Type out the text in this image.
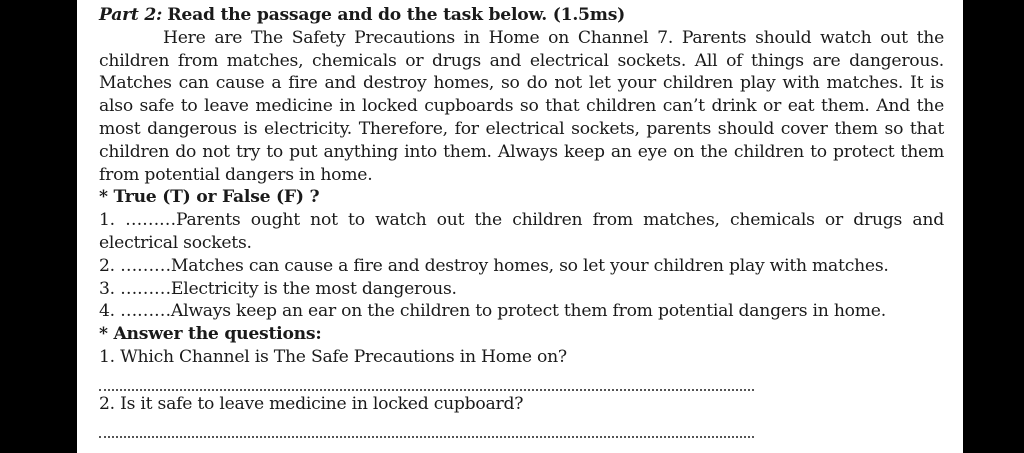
Part 2: Read the passage and do the task below. (1.5ms)

Here are The Safety Precautions in Home on Channel 7. Parents should watch out the children from matches, chemicals or drugs and electrical sockets. All of things are dangerous. Matches can cause a fire and destroy homes, so do not let your children play with matches. It is also safe to leave medicine in locked cupboards so that children can’t drink or eat them. And the most dangerous is electricity. Therefore, for electrical sockets, parents should cover them so that children do not try to put anything into them. Always keep an eye on the children to protect them from potential dangers in home.

* True (T) or False (F) ?

1. ………Parents ought not to watch out the children from matches, chemicals or drugs and electrical sockets.

2. ………Matches can cause a fire and destroy homes, so let your children play with matches.

3. ………Electricity is the most dangerous.

4. ………Always keep an ear on the children to protect them from potential dangers in home.

* Answer the questions:

1. Which Channel is The Safe Precautions in Home on?

2. Is it safe to leave medicine in locked cupboard?
